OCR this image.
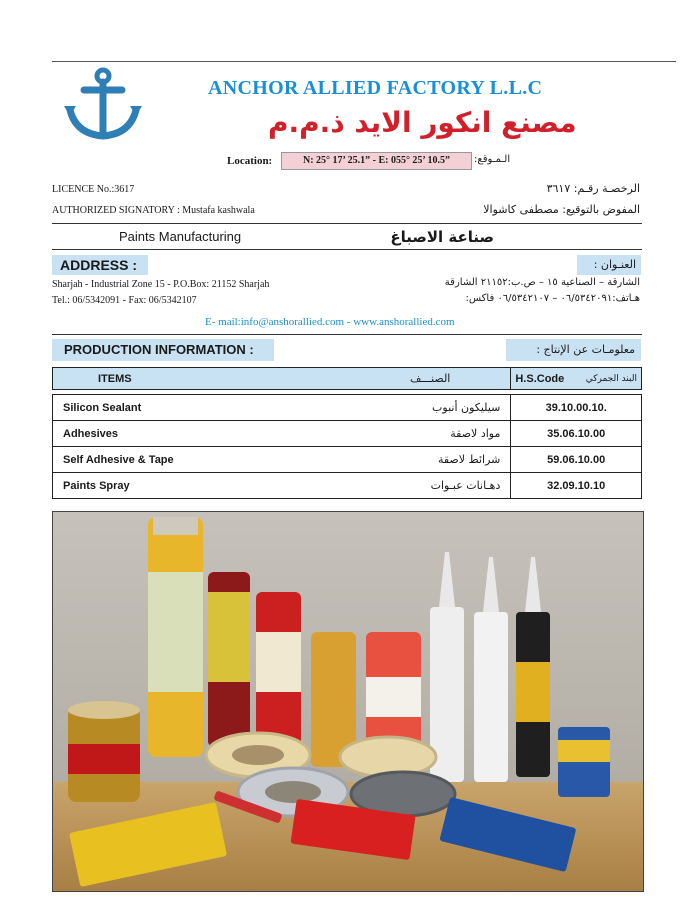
ANCHOR ALLIED FACTORY L.L.C
مصنع انكور الايد ذ.م.م
Location:	N: 25° 17’ 25.1” - E: 055° 25’ 10.5”	الـمـوقع:
LICENCE No.:3617
AUTHORIZED SIGNATORY : Mustafa kashwala
الرخصـة رقـم: ٣٦١٧
المفوض بالتوقيع: مصطفى كاشوالا
Paints Manufacturing	صناعة الاصباغ
ADDRESS :	العنـوان :
Sharjah - Industrial Zone 15 - P.O.Box: 21152 Sharjah
Tel.: 06/5342091 - Fax: 06/5342107
الشارقة – الصناعية ١٥ – ص.ب:٢١١٥٢ الشارقة
هـاتف:٠٦/٥٣٤٢٠٩١ – ٠٦/٥٣٤٢١٠٧ فاكس:
E- mail:info@anshorallied.com - www.anshorallied.com
PRODUCTION INFORMATION :	معلومـات عن الإنتاج :
ITEMS الصنـــف	H.S.Code البند الجمركي

Silicon Sealant سيليكون أنبوب	39.10.00.10.

Adhesives مواد لاصقة	35.06.10.00

Self Adhesive & Tape شرائط لاصقة	59.06.10.00

Paints Spray دهـانات عبـوات	32.09.10.10
